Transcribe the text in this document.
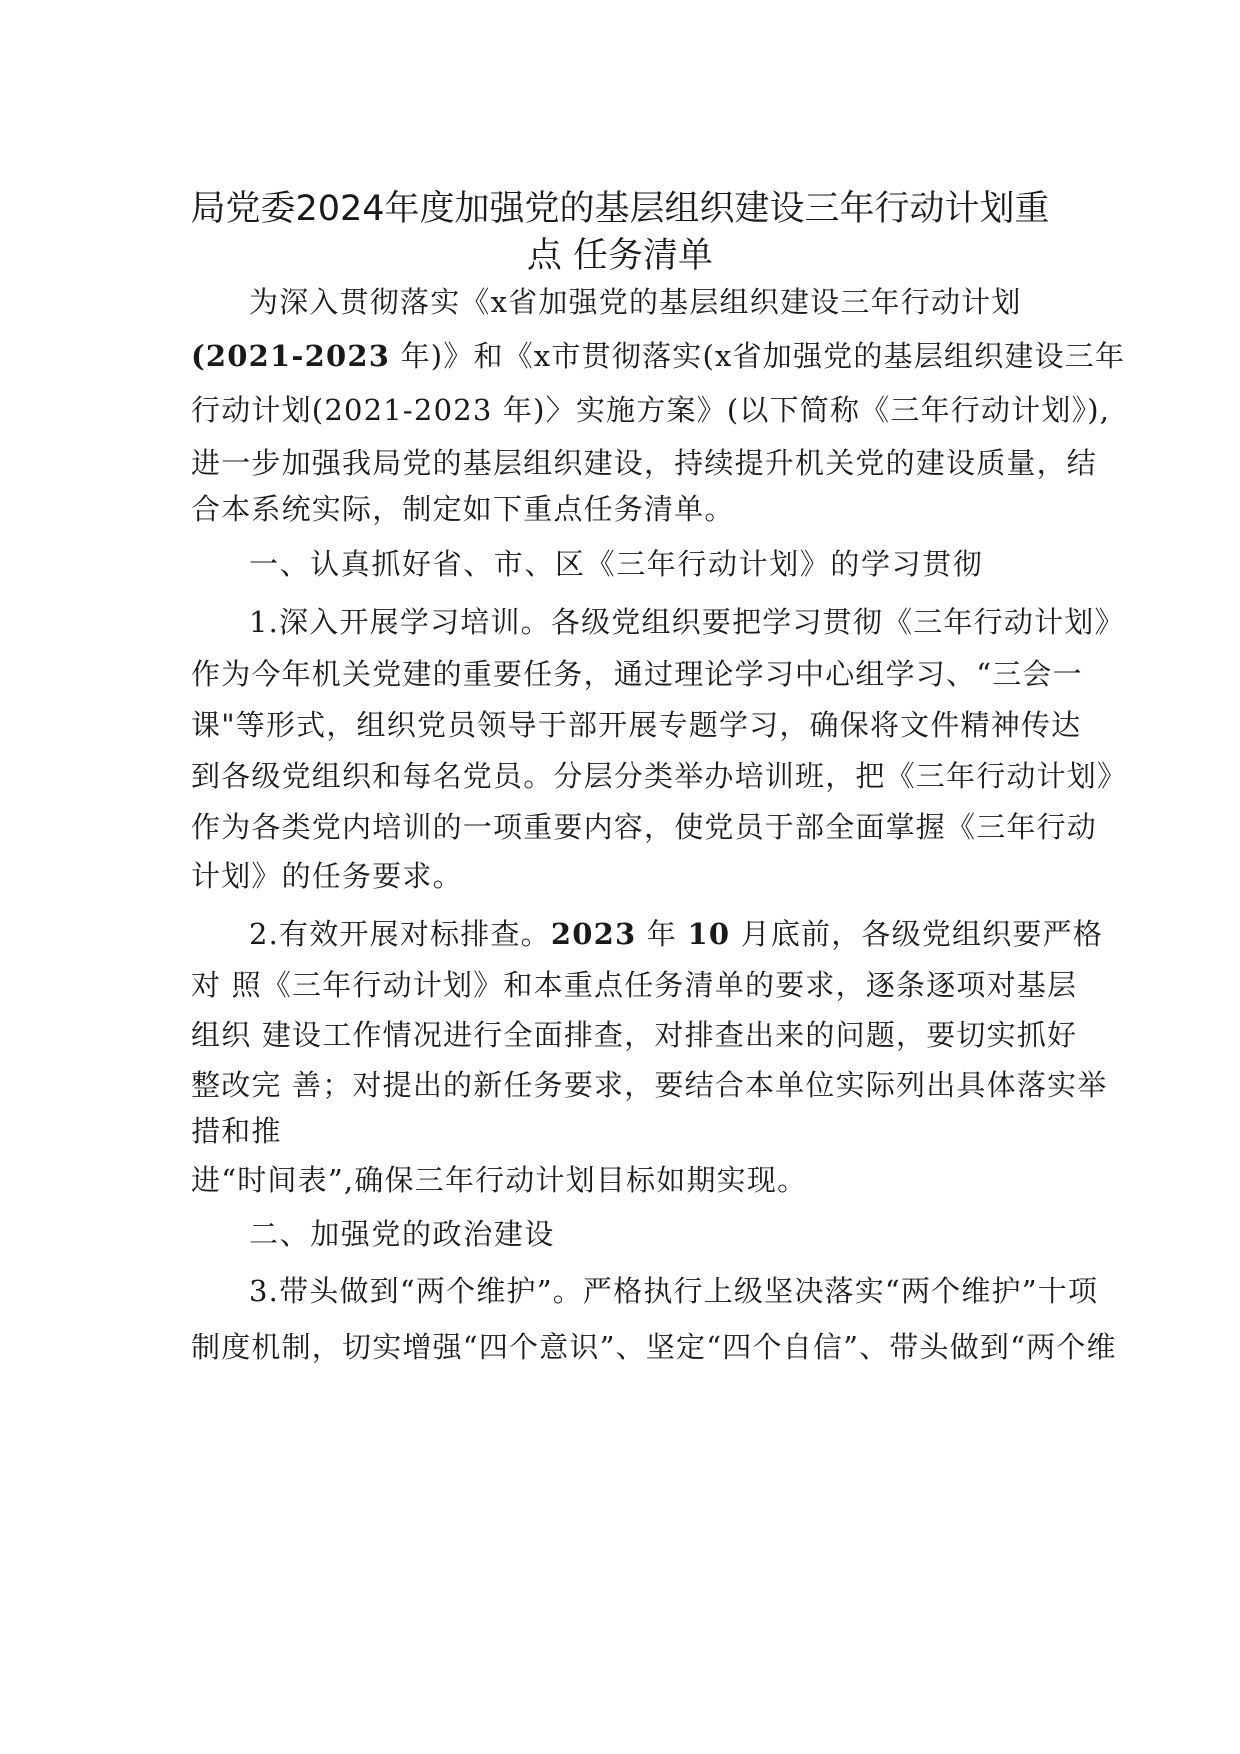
局党委2024年度加强党的基层组织建设三年行动计划重
点 任务清单

为深入贯彻落实《x省加强党的基层组织建设三年行动计划

(2021-2023 年)》和《x市贯彻落实(x省加强党的基层组织建设三年

行动计划(2021-2023 年)〉实施方案》(以下简称《三年行动计划》),

进一步加强我局党的基层组织建设，持续提升机关党的建设质量，结

合本系统实际，制定如下重点任务清单。

一、认真抓好省、市、区《三年行动计划》的学习贯彻

1.深入开展学习培训。各级党组织要把学习贯彻《三年行动计划》

作为今年机关党建的重要任务，通过理论学习中心组学习、“三会一

课"等形式，组织党员领导于部开展专题学习，确保将文件精神传达

到各级党组织和每名党员。分层分类举办培训班，把《三年行动计划》

作为各类党内培训的一项重要内容，使党员于部全面掌握《三年行动

计划》的任务要求。

2.有效开展对标排查。2023 年 10 月底前，各级党组织要严格

对 照《三年行动计划》和本重点任务清单的要求，逐条逐项对基层

组织 建设工作情况进行全面排查，对排查出来的问题，要切实抓好

整改完 善；对提出的新任务要求，要结合本单位实际列出具体落实举

措和推

进“时间表”,确保三年行动计划目标如期实现。

二、加强党的政治建设

3.带头做到“两个维护”。严格执行上级坚决落实“两个维护”十项

制度机制，切实增强“四个意识”、坚定“四个自信”、带头做到“两个维
